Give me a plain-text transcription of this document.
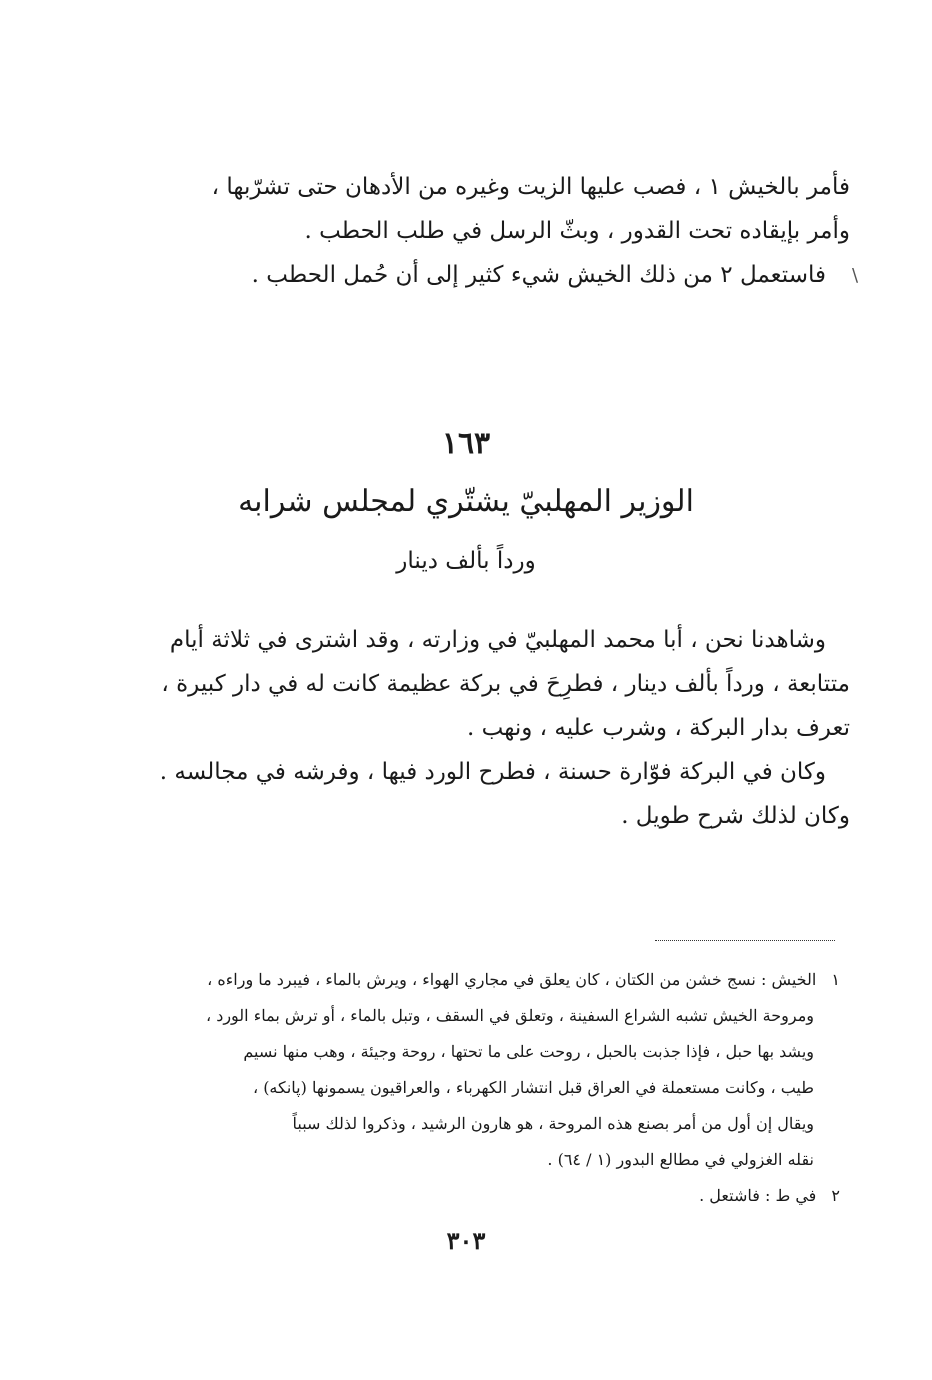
فأمر بالخيش ١ ، فصب عليها الزيت وغيره من الأدهان حتى تشرّبها ،
وأمر بإيقاده تحت القدور ، وبثّ الرسل في طلب الحطب .
فاستعمل ٢ من ذلك الخيش شيء كثير إلى أن حُمل الحطب .	\
١٦٣
الوزير المهلبيّ يشتّري لمجلس شرابه
ورداً بألف دينار
وشاهدنا نحن ، أبا محمد المهلبيّ في وزارته ، وقد اشترى في ثلاثة أيام
متتابعة ، ورداً بألف دينار ، فطرِحَ في بركة عظيمة كانت له في دار كبيرة ،
تعرف بدار البركة ، وشرب عليه ، ونهب .
وكان في البركة فوّارة حسنة ، فطرح الورد فيها ، وفرشه في مجالسه .
وكان لذلك شرح طويل .
١ الخيش : نسج خشن من الكتان ، كان يعلق في مجاري الهواء ، ويرش بالماء ، فيبرد ما وراءه ،
ومروحة الخيش تشبه الشراع السفينة ، وتعلق في السقف ، وتبل بالماء ، أو ترش بماء الورد ،
ويشد بها حبل ، فإذا جذبت بالحبل ، روحت على ما تحتها ، روحة وجيئة ، وهب منها نسيم
طيب ، وكانت مستعملة في العراق قبل انتشار الكهرباء ، والعراقيون يسمونها (پانكه) ،
ويقال إن أول من أمر بصنع هذه المروحة ، هو هارون الرشيد ، وذكروا لذلك سبباً
نقله الغزولي في مطالع البدور (١ / ٦٤) .
٢ في ط : فاشتعل .
٣٠٣
